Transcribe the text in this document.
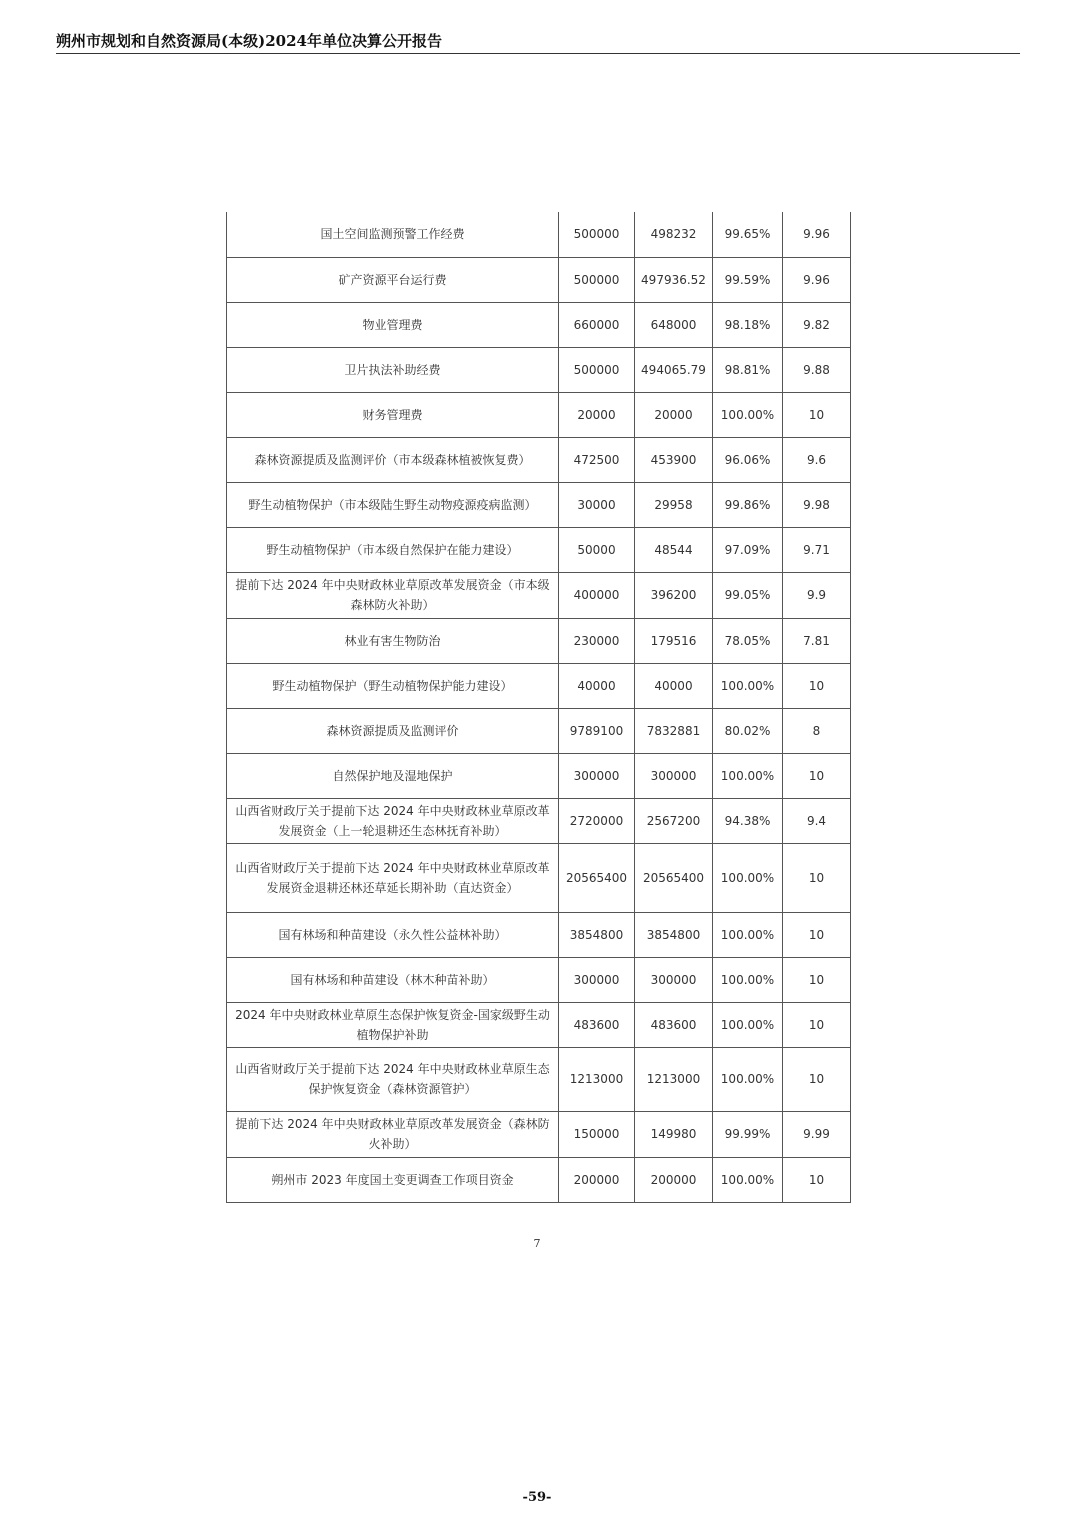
朔州市规划和自然资源局(本级)2024年单位决算公开报告
国土空间监测预警工作经费	500000	498232	99.65%	9.96
矿产资源平台运行费	500000	497936.52	99.59%	9.96
物业管理费	660000	648000	98.18%	9.82
卫片执法补助经费	500000	494065.79	98.81%	9.88
财务管理费	20000	20000	100.00%	10
森林资源提质及监测评价（市本级森林植被恢复费）	472500	453900	96.06%	9.6
野生动植物保护（市本级陆生野生动物疫源疫病监测）	30000	29958	99.86%	9.98
野生动植物保护（市本级自然保护在能力建设）	50000	48544	97.09%	9.71
提前下达 2024 年中央财政林业草原改革发展资金（市本级森林防火补助）	400000	396200	99.05%	9.9
林业有害生物防治	230000	179516	78.05%	7.81
野生动植物保护（野生动植物保护能力建设）	40000	40000	100.00%	10
森林资源提质及监测评价	9789100	7832881	80.02%	8
自然保护地及湿地保护	300000	300000	100.00%	10
山西省财政厅关于提前下达 2024 年中央财政林业草原改革发展资金（上一轮退耕还生态林抚育补助）	2720000	2567200	94.38%	9.4
山西省财政厅关于提前下达 2024 年中央财政林业草原改革发展资金退耕还林还草延长期补助（直达资金）	20565400	20565400	100.00%	10
国有林场和种苗建设（永久性公益林补助）	3854800	3854800	100.00%	10
国有林场和种苗建设（林木种苗补助）	300000	300000	100.00%	10
2024 年中央财政林业草原生态保护恢复资金-国家级野生动植物保护补助	483600	483600	100.00%	10
山西省财政厅关于提前下达 2024 年中央财政林业草原生态保护恢复资金（森林资源管护）	1213000	1213000	100.00%	10
提前下达 2024 年中央财政林业草原改革发展资金（森林防火补助）	150000	149980	99.99%	9.99
朔州市 2023 年度国土变更调查工作项目资金	200000	200000	100.00%	10
7
-59-
